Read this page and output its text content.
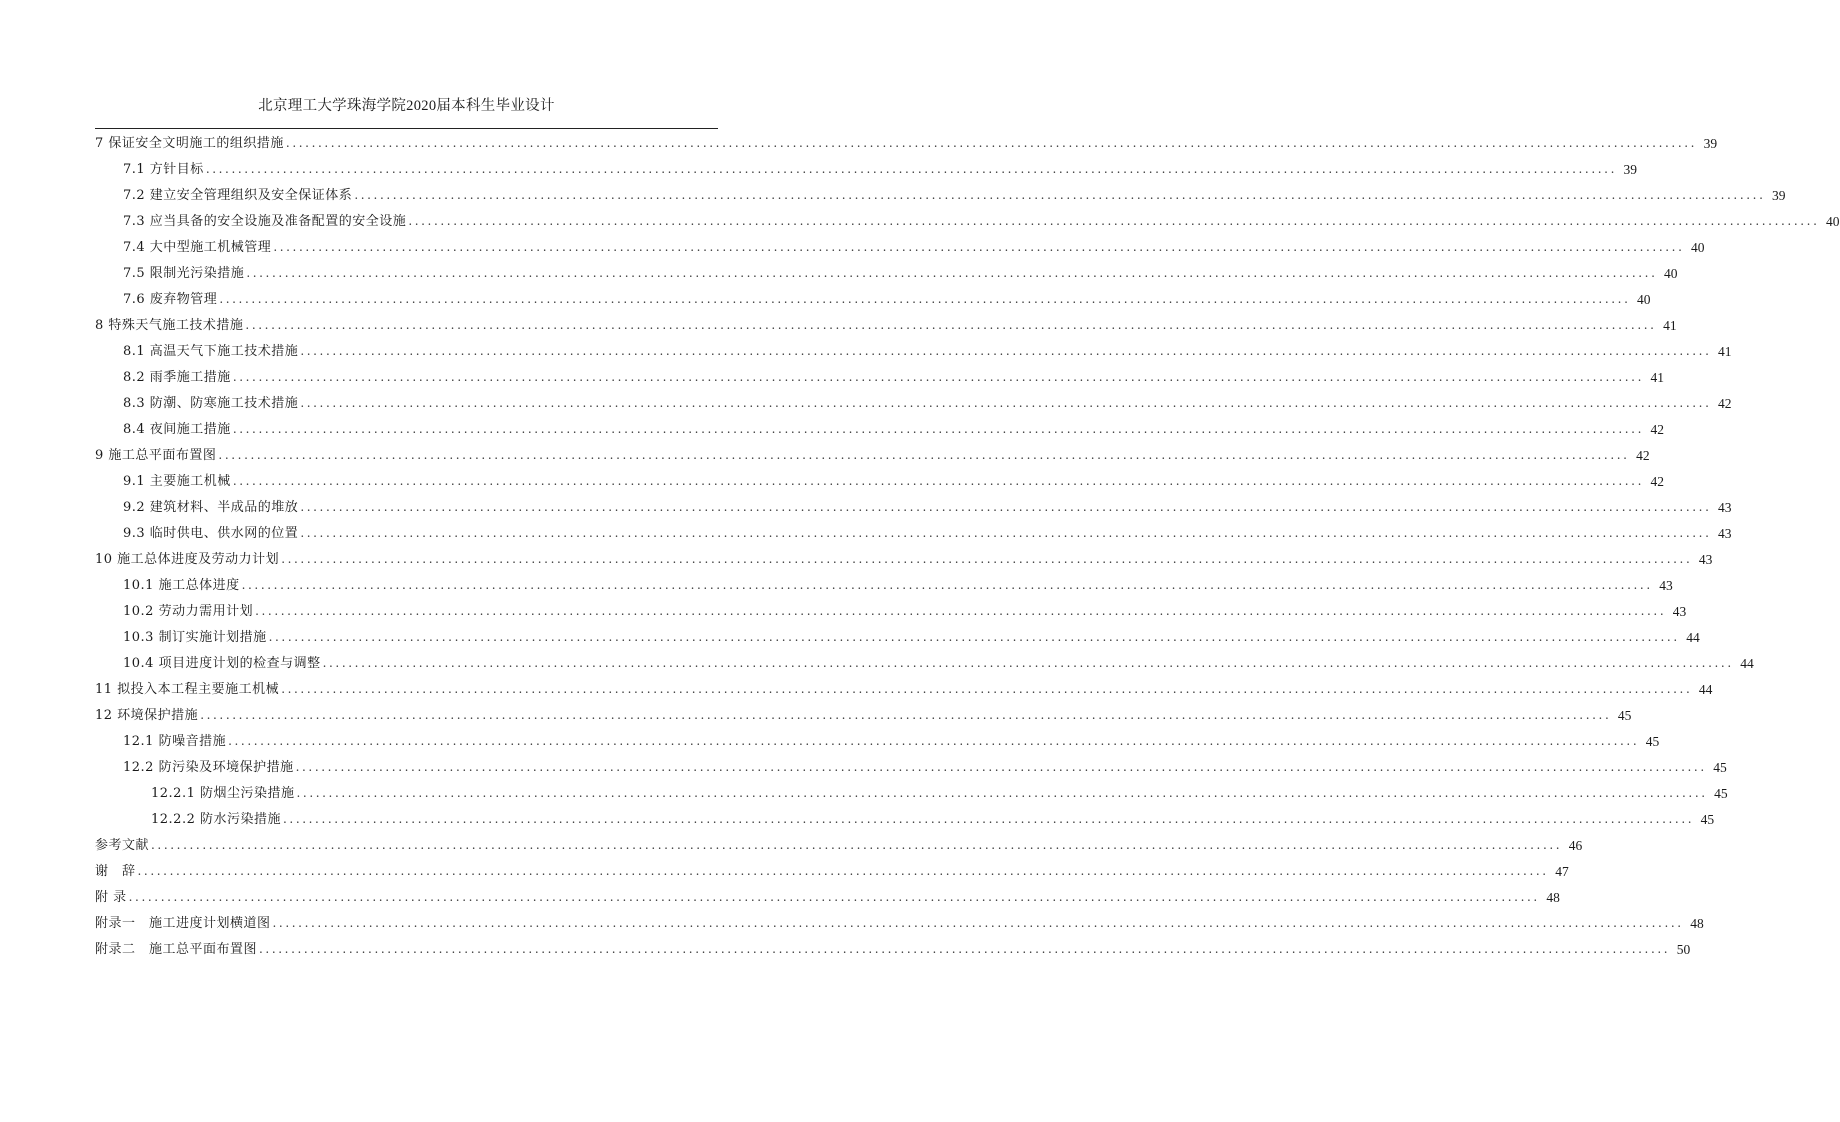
北京理工大学珠海学院2020届本科生毕业设计
7 保证安全文明施工的组织措施 ............................................................................................................................................................................................................................ 39
7.1 方针目标 ............................................................................................................................................................................................................................ 39
7.2 建立安全管理组织及安全保证体系 ............................................................................................................................................................................................................................ 39
7.3 应当具备的安全设施及准备配置的安全设施 ............................................................................................................................................................................................................................ 40
7.4 大中型施工机械管理 ............................................................................................................................................................................................................................ 40
7.5 限制光污染措施 ............................................................................................................................................................................................................................ 40
7.6 废弃物管理 ............................................................................................................................................................................................................................ 40
8 特殊天气施工技术措施 ............................................................................................................................................................................................................................ 41
8.1 高温天气下施工技术措施 ............................................................................................................................................................................................................................ 41
8.2 雨季施工措施 ............................................................................................................................................................................................................................ 41
8.3 防潮、防寒施工技术措施 ............................................................................................................................................................................................................................ 42
8.4 夜间施工措施 ............................................................................................................................................................................................................................ 42
9 施工总平面布置图 ............................................................................................................................................................................................................................ 42
9.1 主要施工机械 ............................................................................................................................................................................................................................ 42
9.2 建筑材料、半成品的堆放 ............................................................................................................................................................................................................................ 43
9.3 临时供电、供水网的位置 ............................................................................................................................................................................................................................ 43
10 施工总体进度及劳动力计划 ............................................................................................................................................................................................................................ 43
10.1 施工总体进度 ............................................................................................................................................................................................................................ 43
10.2 劳动力需用计划 ............................................................................................................................................................................................................................ 43
10.3 制订实施计划措施 ............................................................................................................................................................................................................................ 44
10.4 项目进度计划的检查与调整 ............................................................................................................................................................................................................................ 44
11 拟投入本工程主要施工机械 ............................................................................................................................................................................................................................ 44
12 环境保护措施 ............................................................................................................................................................................................................................ 45
12.1 防噪音措施 ............................................................................................................................................................................................................................ 45
12.2 防污染及环境保护措施 ............................................................................................................................................................................................................................ 45
12.2.1 防烟尘污染措施 ............................................................................................................................................................................................................................ 45
12.2.2 防水污染措施 ............................................................................................................................................................................................................................ 45
参考文献 ............................................................................................................................................................................................................................ 46
谢　辞 ............................................................................................................................................................................................................................ 47
附 录 ............................................................................................................................................................................................................................ 48
附录一　施工进度计划横道图 ............................................................................................................................................................................................................................ 48
附录二　施工总平面布置图 ............................................................................................................................................................................................................................ 50
